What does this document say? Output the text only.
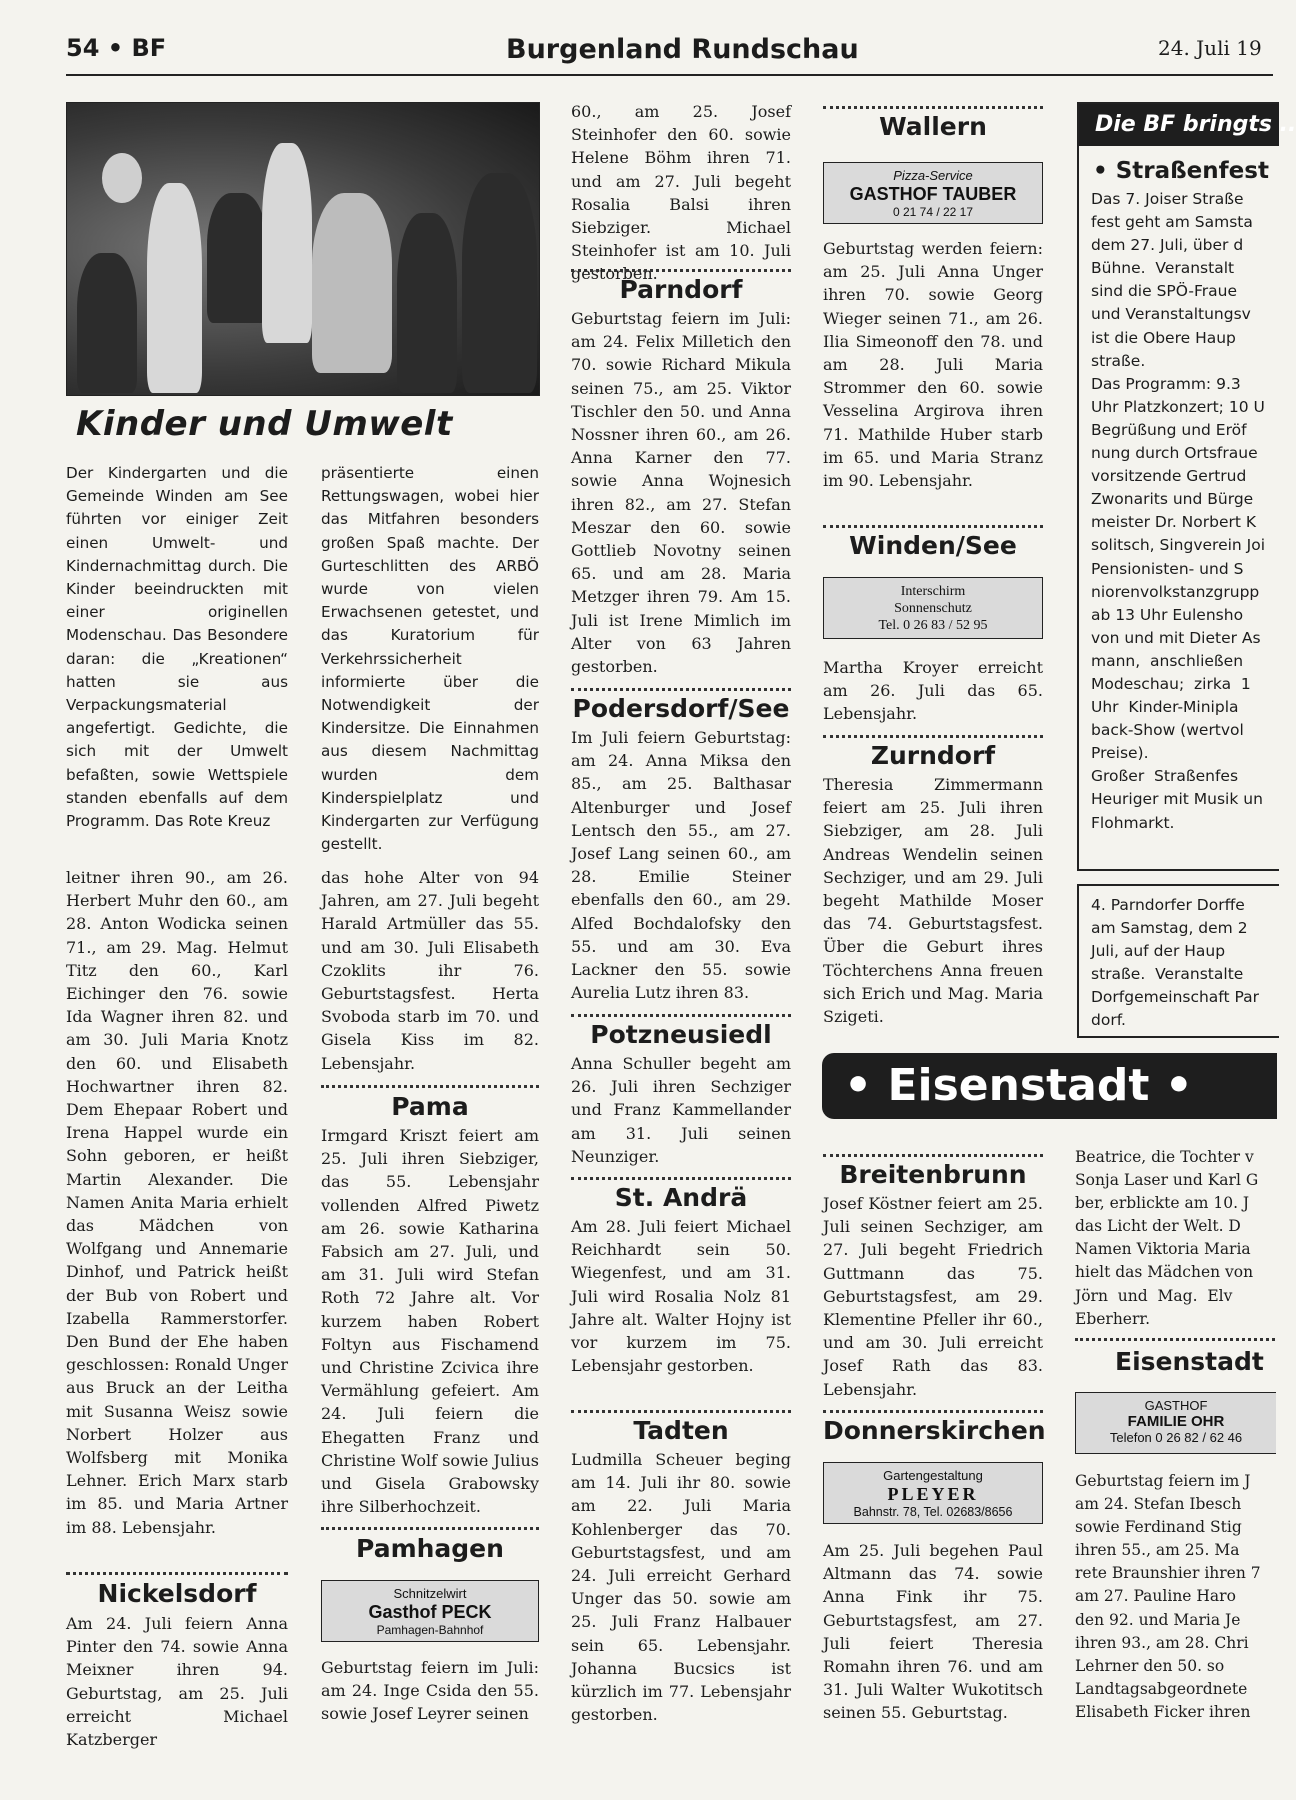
54 • BF	Burgenland Rundschau	24. Juli 19
Kinder und Umwelt

Der Kindergarten und die Gemeinde Winden am See führten vor einiger Zeit einen Umwelt- und Kindernachmittag durch. Die Kinder beeindruckten mit einer originellen Modenschau. Das Besondere daran: die „Kreationen“ hatten sie aus Verpackungsmaterial angefertigt. Gedichte, die sich mit der Umwelt befaßten, sowie Wettspiele standen ebenfalls auf dem Programm. Das Rote Kreuz

präsentierte einen Rettungswagen, wobei hier das Mitfahren besonders großen Spaß machte. Der Gurteschlitten des ARBÖ wurde von vielen Erwachsenen getestet, und das Kuratorium für Verkehrssicherheit informierte über die Notwendigkeit der Kindersitze. Die Einnahmen aus diesem Nachmittag wurden dem Kinderspielplatz und Kindergarten zur Verfügung gestellt.

leitner ihren 90., am 26. Herbert Muhr den 60., am 28. Anton Wodicka seinen 71., am 29. Mag. Helmut Titz den 60., Karl Eichinger den 76. sowie Ida Wagner ihren 82. und am 30. Juli Maria Knotz den 60. und Elisabeth Hochwartner ihren 82. Dem Ehepaar Robert und Irena Happel wurde ein Sohn geboren, er heißt Martin Alexander. Die Namen Anita Maria erhielt das Mädchen von Wolfgang und Annemarie Dinhof, und Patrick heißt der Bub von Robert und Izabella Rammerstorfer. Den Bund der Ehe haben geschlossen: Ronald Unger aus Bruck an der Leitha mit Susanna Weisz sowie Norbert Holzer aus Wolfsberg mit Monika Lehner. Erich Marx starb im 85. und Maria Artner im 88. Lebensjahr.

Nickelsdorf

Am 24. Juli feiern Anna Pinter den 74. sowie Anna Meixner ihren 94. Geburtstag, am 25. Juli erreicht Michael Katzberger

das hohe Alter von 94 Jahren, am 27. Juli begeht Harald Artmüller das 55. und am 30. Juli Elisabeth Czoklits ihr 76. Geburtstagsfest. Herta Svoboda starb im 70. und Gisela Kiss im 82. Lebensjahr.

Pama

Irmgard Kriszt feiert am 25. Juli ihren Siebziger, das 55. Lebensjahr vollenden Alfred Piwetz am 26. sowie Katharina Fabsich am 27. Juli, und am 31. Juli wird Stefan Roth 72 Jahre alt. Vor kurzem haben Robert Foltyn aus Fischamend und Christine Zcivica ihre Vermählung gefeiert. Am 24. Juli feiern die Ehegatten Franz und Christine Wolf sowie Julius und Gisela Grabowsky ihre Silberhochzeit.

Pamhagen
Schnitzelwirt
Gasthof PECK
Pamhagen-Bahnhof

Geburtstag feiern im Juli: am 24. Inge Csida den 55. sowie Josef Leyrer seinen

60., am 25. Josef Steinhofer den 60. sowie Helene Böhm ihren 71. und am 27. Juli begeht Rosalia Balsi ihren Siebziger. Michael Steinhofer ist am 10. Juli gestorben.

Parndorf

Geburtstag feiern im Juli: am 24. Felix Milletich den 70. sowie Richard Mikula seinen 75., am 25. Viktor Tischler den 50. und Anna Nossner ihren 60., am 26. Anna Karner den 77. sowie Anna Wojnesich ihren 82., am 27. Stefan Meszar den 60. sowie Gottlieb Novotny seinen 65. und am 28. Maria Metzger ihren 79. Am 15. Juli ist Irene Mimlich im Alter von 63 Jahren gestorben.

Podersdorf/See

Im Juli feiern Geburtstag: am 24. Anna Miksa den 85., am 25. Balthasar Altenburger und Josef Lentsch den 55., am 27. Josef Lang seinen 60., am 28. Emilie Steiner ebenfalls den 60., am 29. Alfed Bochdalofsky den 55. und am 30. Eva Lackner den 55. sowie Aurelia Lutz ihren 83.

Potzneusiedl

Anna Schuller begeht am 26. Juli ihren Sechziger und Franz Kammellander am 31. Juli seinen Neunziger.

St. Andrä

Am 28. Juli feiert Michael Reichhardt sein 50. Wiegenfest, und am 31. Juli wird Rosalia Nolz 81 Jahre alt. Walter Hojny ist vor kurzem im 75. Lebensjahr gestorben.

Tadten

Ludmilla Scheuer beging am 14. Juli ihr 80. sowie am 22. Juli Maria Kohlenberger das 70. Geburtstagsfest, und am 24. Juli erreicht Gerhard Unger das 50. sowie am 25. Juli Franz Halbauer sein 65. Lebensjahr. Johanna Bucsics ist kürzlich im 77. Lebensjahr gestorben.

Wallern
Pizza-Service
GASTHOF TAUBER
0 21 74 / 22 17

Geburtstag werden feiern: am 25. Juli Anna Unger ihren 70. sowie Georg Wieger seinen 71., am 26. Ilia Simeonoff den 78. und am 28. Juli Maria Strommer den 60. sowie Vesselina Argirova ihren 71. Mathilde Huber starb im 65. und Maria Stranz im 90. Lebensjahr.

Winden/See
Interschirm
Sonnenschutz
Tel. 0 26 83 / 52 95

Martha Kroyer erreicht am 26. Juli das 65. Lebensjahr.

Zurndorf

Theresia Zimmermann feiert am 25. Juli ihren Siebziger, am 28. Juli Andreas Wendelin seinen Sechziger, und am 29. Juli begeht Mathilde Moser das 74. Geburtstagsfest. Über die Geburt ihres Töchterchens Anna freuen sich Erich und Mag. Maria Szigeti.

Die BF bringts ..
• Straßenfest
Das 7. Joiser Straße
fest geht am Samsta
dem 27. Juli, über d
Bühne.  Veranstalt
sind die SPÖ-Fraue
und Veranstaltungsv
ist die Obere Haup
straße.
Das Programm: 9.3
Uhr Platzkonzert; 10 U
Begrüßung und Eröf
nung durch Ortsfraue
vorsitzende Gertrud
Zwonarits und Bürge
meister Dr. Norbert K
solitsch, Singverein Joi
Pensionisten- und S
niorenvolkstanzgrupp
ab 13 Uhr Eulensho
von und mit Dieter As
mann,  anschließen
Modeschau;  zirka  1
Uhr  Kinder-Minipla
back-Show (wertvol
Preise).
Großer  Straßenfes
Heuriger mit Musik un
Flohmarkt.
4. Parndorfer Dorffe
am Samstag, dem 2
Juli, auf der Haup
straße.  Veranstalte
Dorfgemeinschaft Par
dorf.
• Eisenstadt •
Breitenbrunn

Josef Köstner feiert am 25. Juli seinen Sechziger, am 27. Juli begeht Friedrich Guttmann das 75. Geburtstagsfest, am 29. Klementine Pfeller ihr 60., und am 30. Juli erreicht Josef Rath das 83. Lebensjahr.

Donnerskirchen
Gartengestaltung
PLEYER
Bahnstr. 78, Tel. 02683/8656

Am 25. Juli begehen Paul Altmann das 74. sowie Anna Fink ihr 75. Geburtstagsfest, am 27. Juli feiert Theresia Romahn ihren 76. und am 31. Juli Walter Wukotitsch seinen 55. Geburtstag.

Beatrice, die Tochter v
Sonja Laser und Karl G
ber, erblickte am 10. J
das Licht der Welt. D
Namen Viktoria Maria
hielt das Mädchen von
Jörn  und  Mag.  Elv
Eberherr.
Eisenstadt
GASTHOF
FAMILIE OHR
Telefon 0 26 82 / 62 46
Geburtstag feiern im J
am 24. Stefan Ibesch
sowie Ferdinand Stig
ihren 55., am 25. Ma
rete Braunshier ihren 7
am 27. Pauline Haro
den 92. und Maria Je
ihren 93., am 28. Chri
Lehrner den 50. so
Landtagsabgeordnete
Elisabeth Ficker ihren
